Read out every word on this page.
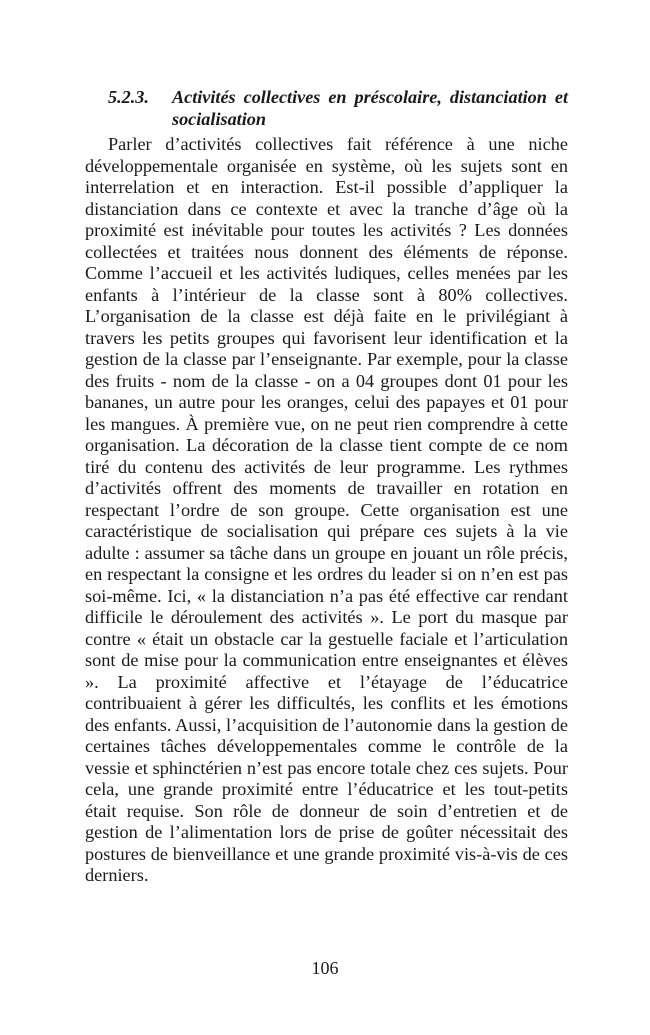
5.2.3.	Activités collectives en préscolaire, distanciation et socialisation

Parler d’activités collectives fait référence à une niche développementale organisée en système, où les sujets sont en interrelation et en interaction. Est-il possible d’appliquer la distanciation dans ce contexte et avec la tranche d’âge où la proximité est inévitable pour toutes les activités ? Les données collectées et traitées nous donnent des éléments de réponse. Comme l’accueil et les activités ludiques, celles menées par les enfants à l’intérieur de la classe sont à 80% collectives. L’organisation de la classe est déjà faite en le privilégiant à travers les petits groupes qui favorisent leur identification et la gestion de la classe par l’enseignante. Par exemple, pour la classe des fruits - nom de la classe - on a 04 groupes dont 01 pour les bananes, un autre pour les oranges, celui des papayes et 01 pour les mangues. À première vue, on ne peut rien comprendre à cette organisation. La décoration de la classe tient compte de ce nom tiré du contenu des activités de leur programme. Les rythmes d’activités offrent des moments de travailler en rotation en respectant l’ordre de son groupe. Cette organisation est une caractéristique de socialisation qui prépare ces sujets à la vie adulte : assumer sa tâche dans un groupe en jouant un rôle précis, en respectant la consigne et les ordres du leader si on n’en est pas soi-même. Ici, « la distanciation n’a pas été effective car rendant difficile le déroulement des activités ». Le port du masque par contre « était un obstacle car la gestuelle faciale et l’articulation sont de mise pour la communication entre enseignantes et élèves ». La proximité affective et l’étayage de l’éducatrice contribuaient à gérer les difficultés, les conflits et les émotions des enfants. Aussi, l’acquisition de l’autonomie dans la gestion de certaines tâches développementales comme le contrôle de la vessie et sphinctérien n’est pas encore totale chez ces sujets. Pour cela, une grande proximité entre l’éducatrice et les tout-petits était requise. Son rôle de donneur de soin d’entretien et de gestion de l’alimentation lors de prise de goûter nécessitait des postures de bienveillance et une grande proximité vis-à-vis de ces derniers.

106
